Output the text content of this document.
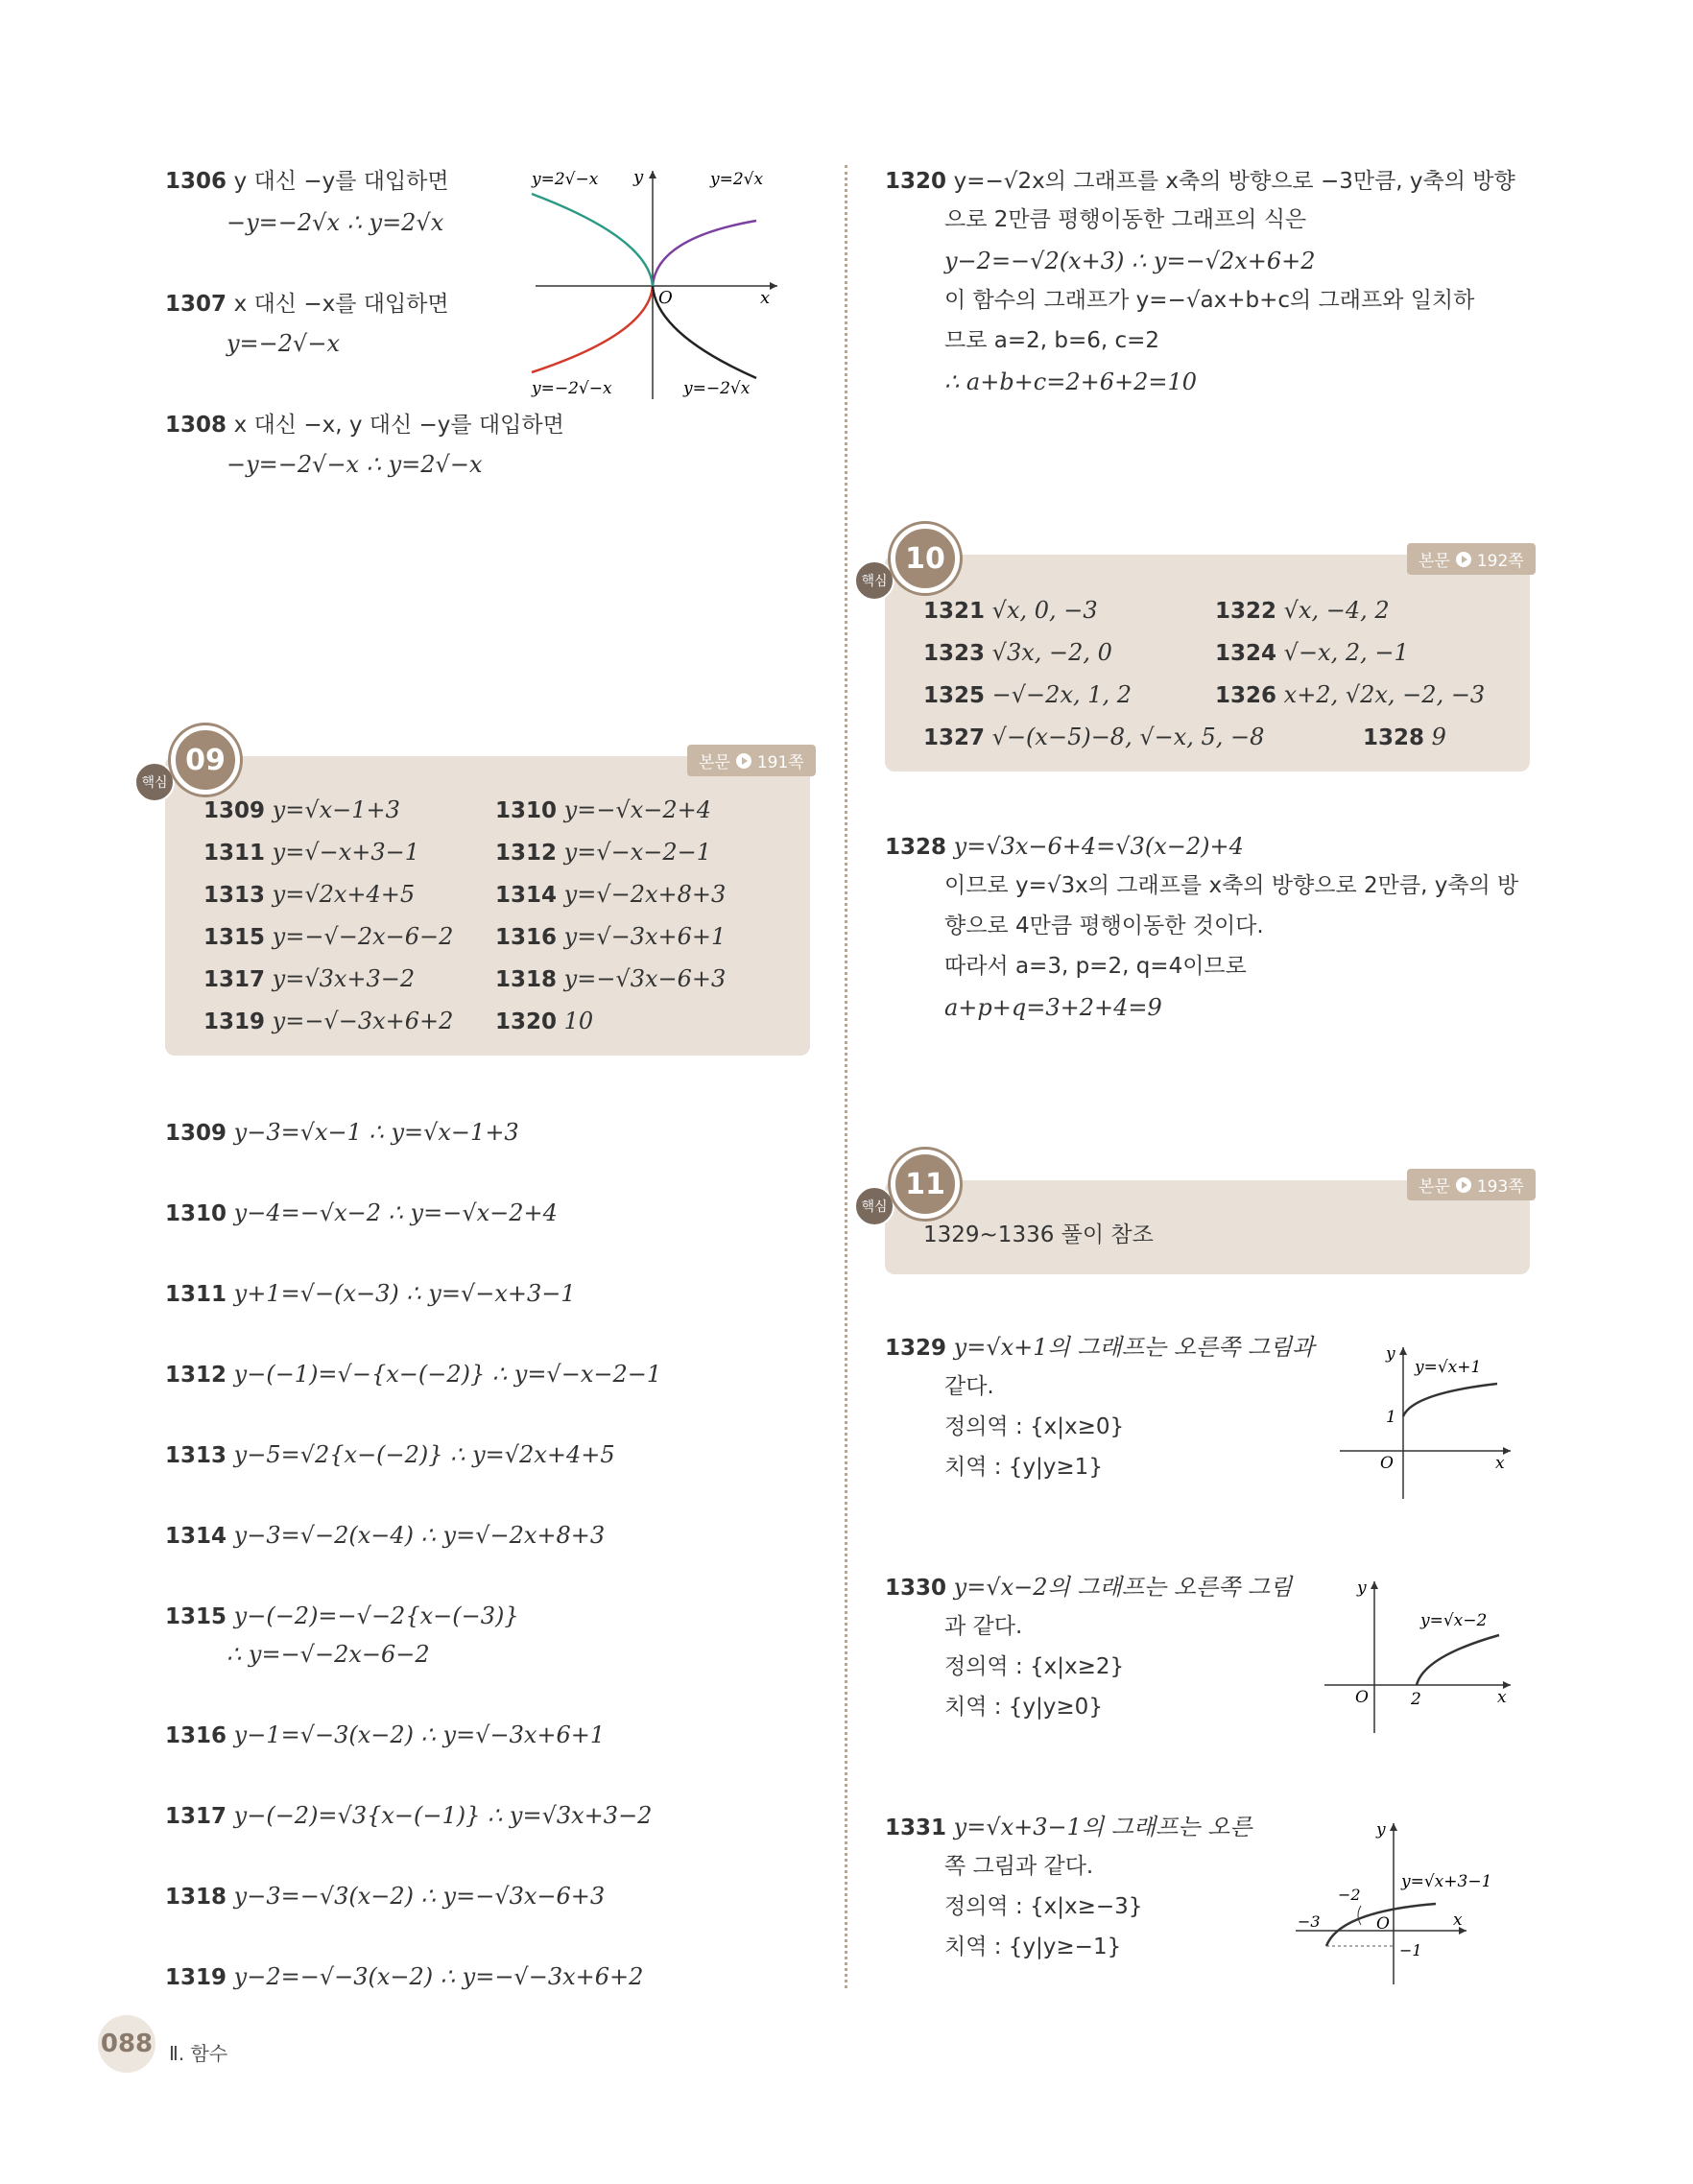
1306 y 대신 −y를 대입하면
−y=−2√x ∴ y=2√x
1307 x 대신 −x를 대입하면
y=−2√−x
1308 x 대신 −x, y 대신 −y를 대입하면
−y=−2√−x ∴ y=2√−x
y=2√−x	y=2√x
y=−2√−x	y=−2√x
O	x
y	1320 y=−√2x의 그래프를 x축의 방향으로 −3만큼, y축의 방향
으로 2만큼 평행이동한 그래프의 식은
y−2=−√2(x+3) ∴ y=−√2x+6+2
이 함수의 그래프가 y=−√ax+b+c의 그래프와 일치하
므로 a=2, b=6, c=2
∴ a+b+c=2+6+2=10
핵심
10	본문 192쪽
1321 √x, 0, −3	1322 √x, −4, 2
1323 √3x, −2, 0	1324 √−x, 2, −1
1325 −√−2x, 1, 2	1326 x+2, √2x, −2, −3
1327 √−(x−5)−8, √−x, 5, −8	1328 9
핵심
09	본문 191쪽
1309 y=√x−1+3	1310 y=−√x−2+4
1311 y=√−x+3−1	1312 y=√−x−2−1
1313 y=√2x+4+5	1314 y=√−2x+8+3
1315 y=−√−2x−6−2 1316 y=√−3x+6+1
1317 y=√3x+3−2	1318 y=−√3x−6+3
1319 y=−√−3x+6+2 1320 10
1328 y=√3x−6+4=√3(x−2)+4
이므로 y=√3x의 그래프를 x축의 방향으로 2만큼, y축의 방
향으로 4만큼 평행이동한 것이다.
따라서 a=3, p=2, q=4이므로
a+p+q=3+2+4=9
1309 y−3=√x−1 ∴ y=√x−1+3
1310 y−4=−√x−2 ∴ y=−√x−2+4
1311 y+1=√−(x−3) ∴ y=√−x+3−1
1312 y−(−1)=√−{x−(−2)} ∴ y=√−x−2−1
1313 y−5=√2{x−(−2)} ∴ y=√2x+4+5
1314 y−3=√−2(x−4) ∴ y=√−2x+8+3
1315 y−(−2)=−√−2{x−(−3)}
∴ y=−√−2x−6−2
1316 y−1=√−3(x−2) ∴ y=√−3x+6+1
1317 y−(−2)=√3{x−(−1)} ∴ y=√3x+3−2
1318 y−3=−√3(x−2) ∴ y=−√3x−6+3
1319 y−2=−√−3(x−2) ∴ y=−√−3x+6+2
핵심
11	본문 193쪽
1329~1336 풀이 참조
1329 y=√x+1의 그래프는 오른쪽 그림과
같다.
정의역 : {x|x≥0}
치역 : {y|y≥1}
y=√x+1
1
O	x
y
1330 y=√x−2의 그래프는 오른쪽 그림
과 같다.
정의역 : {x|x≥2}
치역 : {y|y≥0}
y=√x−2
2
O	x
y
1331 y=√x+3−1의 그래프는 오른
쪽 그림과 같다.
정의역 : {x|x≥−3}
치역 : {y|y≥−1}
y=√x+3−1
−2
−3
−1
O	x
y
088 Ⅱ. 함수
